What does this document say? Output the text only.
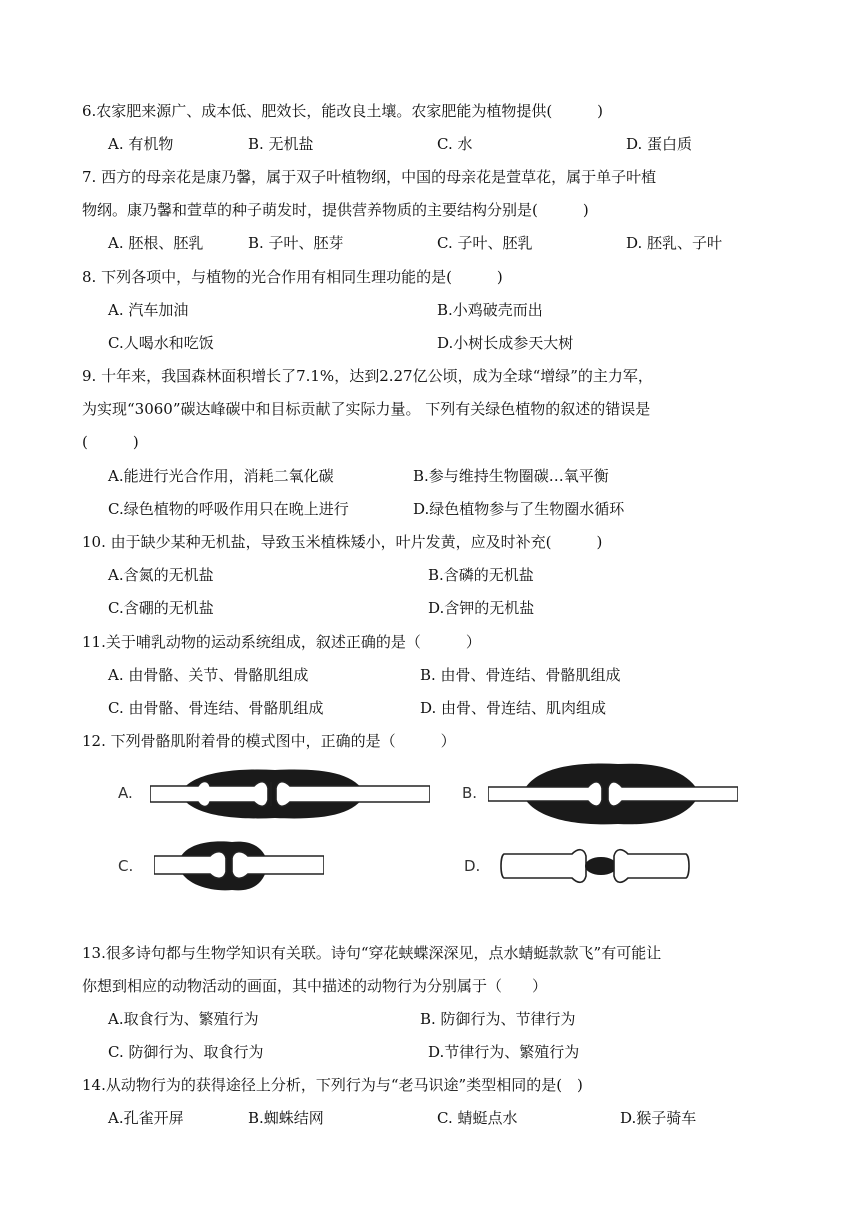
6.农家肥来源广、成本低、肥效长，能改良土壤。农家肥能为植物提供(　　　)
A. 有机物	B. 无机盐	C. 水	D. 蛋白质
7. 西方的母亲花是康乃馨，属于双子叶植物纲，中国的母亲花是萱草花，属于单子叶植
物纲。康乃馨和萱草的种子萌发时，提供营养物质的主要结构分别是(　　　)
A. 胚根、胚乳	B. 子叶、胚芽	C. 子叶、胚乳	D. 胚乳、子叶
8. 下列各项中，与植物的光合作用有相同生理功能的是(　　　)
A. 汽车加油	B.小鸡破壳而出
C.人喝水和吃饭	D.小树长成参天大树
9. 十年来，我国森林面积增长了7.1%，达到2.27亿公顷，成为全球“增绿”的主力军，
为实现“3060”碳达峰碳中和目标贡献了实际力量。 下列有关绿色植物的叙述的错误是
(　　　)
A.能进行光合作用，消耗二氧化碳	B.参与维持生物圈碳…氧平衡
C.绿色植物的呼吸作用只在晚上进行	D.绿色植物参与了生物圈水循环
10. 由于缺少某种无机盐，导致玉米植株矮小，叶片发黄，应及时补充(　　　)
A.含氮的无机盐	B.含磷的无机盐
C.含硼的无机盐	D.含钾的无机盐
11.关于哺乳动物的运动系统组成，叙述正确的是（　　　）
A. 由骨骼、关节、骨骼肌组成	B. 由骨、骨连结、骨骼肌组成
C. 由骨骼、骨连结、骨骼肌组成	D. 由骨、骨连结、肌肉组成
12. 下列骨骼肌附着骨的模式图中，正确的是（　　　）
A.	B.
C.	D.
13.很多诗句都与生物学知识有关联。诗句“穿花蛱蝶深深见，点水蜻蜓款款飞”有可能让
你想到相应的动物活动的画面，其中描述的动物行为分别属于（　　）
A.取食行为、繁殖行为	B. 防御行为、节律行为
C. 防御行为、取食行为	D.节律行为、繁殖行为
14.从动物行为的获得途径上分析，下列行为与“老马识途”类型相同的是(　)
A.孔雀开屏	B.蜘蛛结网	C. 蜻蜓点水	D.猴子骑车
